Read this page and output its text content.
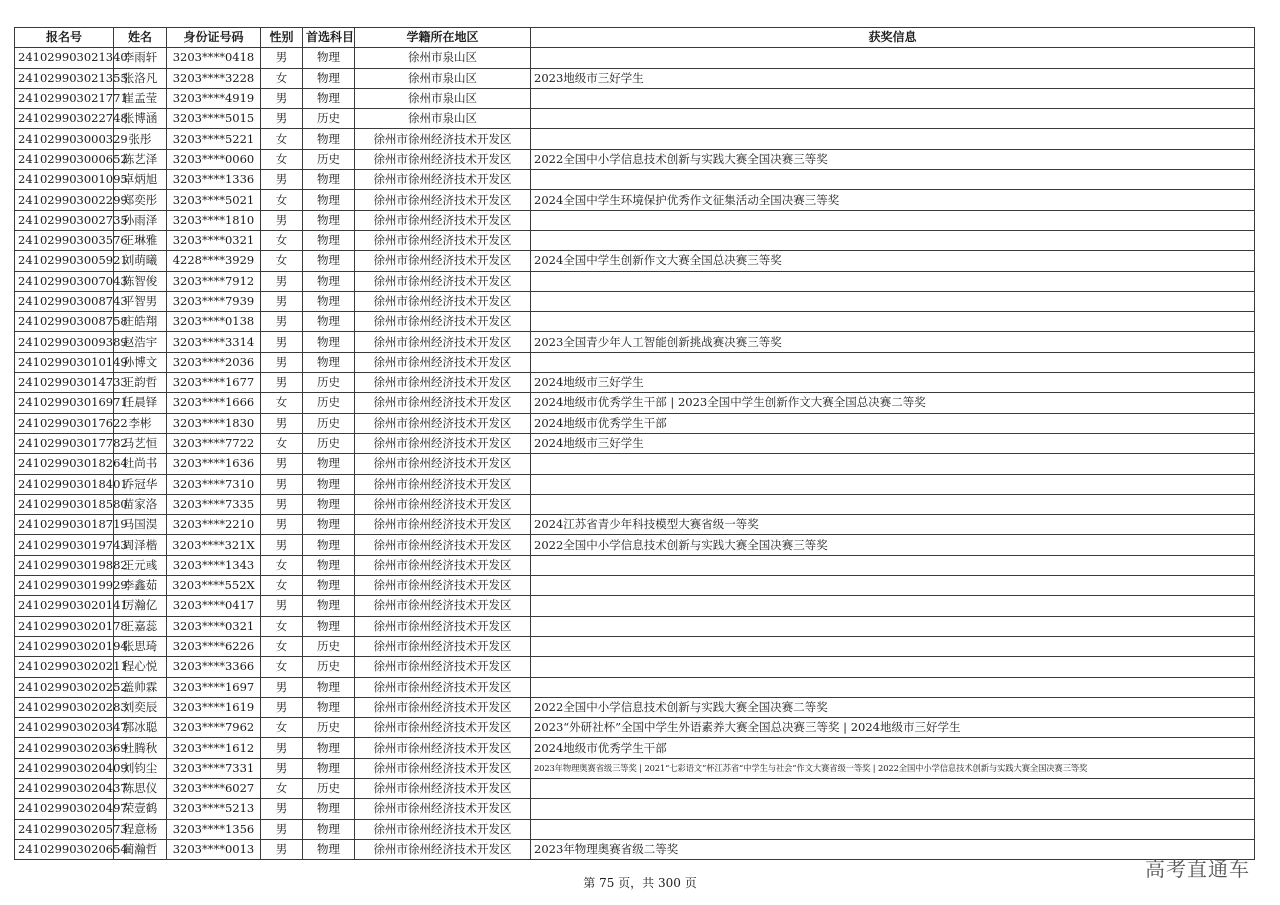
报名号	姓名	身份证号码	性别	首选科目	学籍所在地区	获奖信息
241029903021340	李雨轩	3203****0418	男	物理	徐州市泉山区	
241029903021355	张洛凡	3203****3228	女	物理	徐州市泉山区	2023地级市三好学生
241029903021771	崔孟莹	3203****4919	男	物理	徐州市泉山区	
241029903022748	张博涵	3203****5015	男	历史	徐州市泉山区	
241029903000329	张彤	3203****5221	女	物理	徐州市徐州经济技术开发区	
241029903000652	陈艺泽	3203****0060	女	历史	徐州市徐州经济技术开发区	2022全国中小学信息技术创新与实践大赛全国决赛三等奖
241029903001095	卓炳旭	3203****1336	男	物理	徐州市徐州经济技术开发区	
241029903002299	郑奕彤	3203****5021	女	物理	徐州市徐州经济技术开发区	2024全国中学生环境保护优秀作文征集活动全国决赛三等奖
241029903002735	孙雨泽	3203****1810	男	物理	徐州市徐州经济技术开发区	
241029903003576	王琳雅	3203****0321	女	物理	徐州市徐州经济技术开发区	
241029903005921	刘萌曦	4228****3929	女	物理	徐州市徐州经济技术开发区	2024全国中学生创新作文大赛全国总决赛三等奖
241029903007043	陈智俊	3203****7912	男	物理	徐州市徐州经济技术开发区	
241029903008743	平智男	3203****7939	男	物理	徐州市徐州经济技术开发区	
241029903008758	庄皓翔	3203****0138	男	物理	徐州市徐州经济技术开发区	
241029903009389	赵浩宇	3203****3314	男	物理	徐州市徐州经济技术开发区	2023全国青少年人工智能创新挑战赛决赛三等奖
241029903010149	孙博文	3203****2036	男	物理	徐州市徐州经济技术开发区	
241029903014733	王韵哲	3203****1677	男	历史	徐州市徐州经济技术开发区	2024地级市三好学生
241029903016971	任晨铎	3203****1666	女	历史	徐州市徐州经济技术开发区	2024地级市优秀学生干部 | 2023全国中学生创新作文大赛全国总决赛二等奖
241029903017622	李彬	3203****1830	男	历史	徐州市徐州经济技术开发区	2024地级市优秀学生干部
241029903017782	马艺恒	3203****7722	女	历史	徐州市徐州经济技术开发区	2024地级市三好学生
241029903018264	杜尚书	3203****1636	男	物理	徐州市徐州经济技术开发区	
241029903018401	乔冠华	3203****7310	男	物理	徐州市徐州经济技术开发区	
241029903018580	苗家洛	3203****7335	男	物理	徐州市徐州经济技术开发区	
241029903018719	马国淏	3203****2210	男	物理	徐州市徐州经济技术开发区	2024江苏省青少年科技模型大赛省级一等奖
241029903019743	周泽楷	3203****321X	男	物理	徐州市徐州经济技术开发区	2022全国中小学信息技术创新与实践大赛全国决赛三等奖
241029903019882	王元彧	3203****1343	女	物理	徐州市徐州经济技术开发区	
241029903019929	李鑫茹	3203****552X	女	物理	徐州市徐州经济技术开发区	
241029903020141	厉瀚亿	3203****0417	男	物理	徐州市徐州经济技术开发区	
241029903020178	王嘉蕊	3203****0321	女	物理	徐州市徐州经济技术开发区	
241029903020194	张思琦	3203****6226	女	历史	徐州市徐州经济技术开发区	
241029903020211	程心悦	3203****3366	女	历史	徐州市徐州经济技术开发区	
241029903020252	盖帅霖	3203****1697	男	物理	徐州市徐州经济技术开发区	
241029903020283	刘奕辰	3203****1619	男	物理	徐州市徐州经济技术开发区	2022全国中小学信息技术创新与实践大赛全国决赛二等奖
241029903020347	郭冰聪	3203****7962	女	历史	徐州市徐州经济技术开发区	2023“外研社杯”全国中学生外语素养大赛全国总决赛三等奖 | 2024地级市三好学生
241029903020369	杜腾秋	3203****1612	男	物理	徐州市徐州经济技术开发区	2024地级市优秀学生干部
241029903020409	刘钧尘	3203****7331	男	物理	徐州市徐州经济技术开发区	2023年物理奥赛省级三等奖 | 2021“七彩语文”杯江苏省“中学生与社会”作文大赛省级一等奖 | 2022全国中小学信息技术创新与实践大赛全国决赛三等奖
241029903020437	陈思仪	3203****6027	女	历史	徐州市徐州经济技术开发区	
241029903020497	荣壹鹤	3203****5213	男	物理	徐州市徐州经济技术开发区	
241029903020573	程意杨	3203****1356	男	物理	徐州市徐州经济技术开发区	
241029903020654	蔺瀚哲	3203****0013	男	物理	徐州市徐州经济技术开发区	2023年物理奥赛省级二等奖
第 75 页，共 300 页
高考直通车
